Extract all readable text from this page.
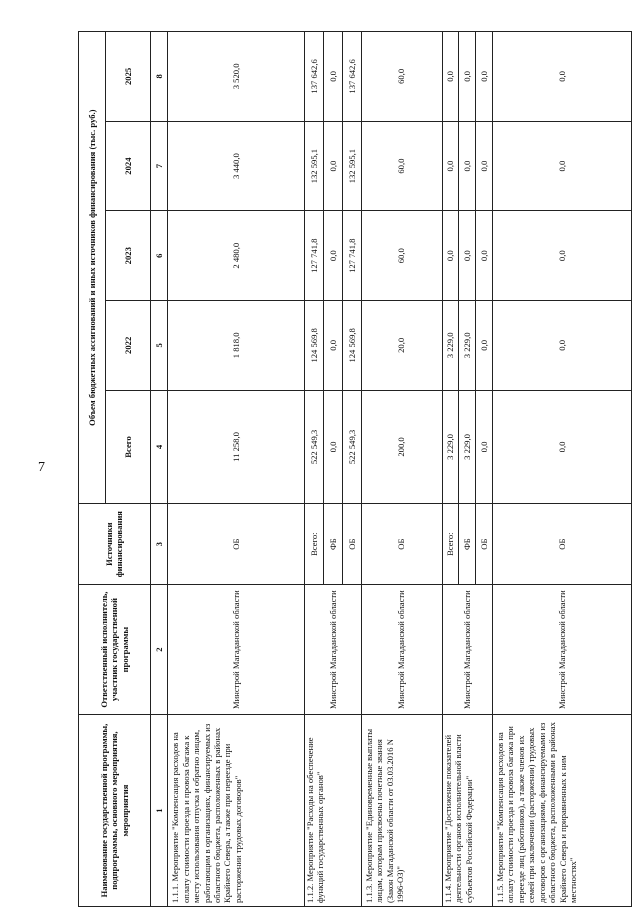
7
Наименование государственной программы, подпрограммы, основного мероприятия, мероприятия	Ответственный исполнитель, участник государственной программы	Источники финансирования	Объем бюджетных ассигнований и иных источников финансирования (тыс. руб.)				
			Всего	2022	2023	2024	2025
1	2	3	4	5	6	7	8
1.1.1. Мероприятие "Компенсация расходов на оплату стоимости проезда и провоза багажа к месту использования отпуска и обратно лицам, работающим в организациях, финансируемых из областного бюджета, расположенных в районах Крайнего Севера, а также при переезде при расторжении трудовых договоров"	Минстрой Магаданской области	ОБ	11 258,0	1 818,0	2 480,0	3 440,0	3 520,0
1.1.2. Мероприятие "Расходы на обеспечение функций государственных органов"	Минстрой Магаданской области	Всего:	522 549,3	124 569,8	127 741,8	132 595,1	137 642,6
		ФБ	0,0	0,0	0,0	0,0	0,0
		ОБ	522 549,3	124 569,8	127 741,8	132 595,1	137 642,6
1.1.3. Мероприятие "Единовременные выплаты лицам, которым присвоены почетные звания (Закон Магаданской области от 03.03.2016 N 1996-ОЗ)"	Минстрой Магаданской области	ОБ	200,0	20,0	60,0	60,0	60,0
1.1.4. Мероприятие "Достижение показателей деятельности органов исполнительной власти субъектов Российской Федерации"	Минстрой Магаданской области	Всего:	3 229,0	3 229,0	0,0	0,0	0,0
		ФБ	3 229,0	3 229,0	0,0	0,0	0,0
		ОБ	0,0	0,0	0,0	0,0	0,0
1.1.5. Мероприятие "Компенсация расходов на оплату стоимости проезда и провоза багажа при переезде лиц (работников), а также членов их семей при заключении (расторжении) трудовых договоров с организациями, финансируемыми из областного бюджета, расположенными в районах Крайнего Севера и приравненных к ним местностях"	Минстрой Магаданской области	ОБ	0,0	0,0	0,0	0,0	0,0
